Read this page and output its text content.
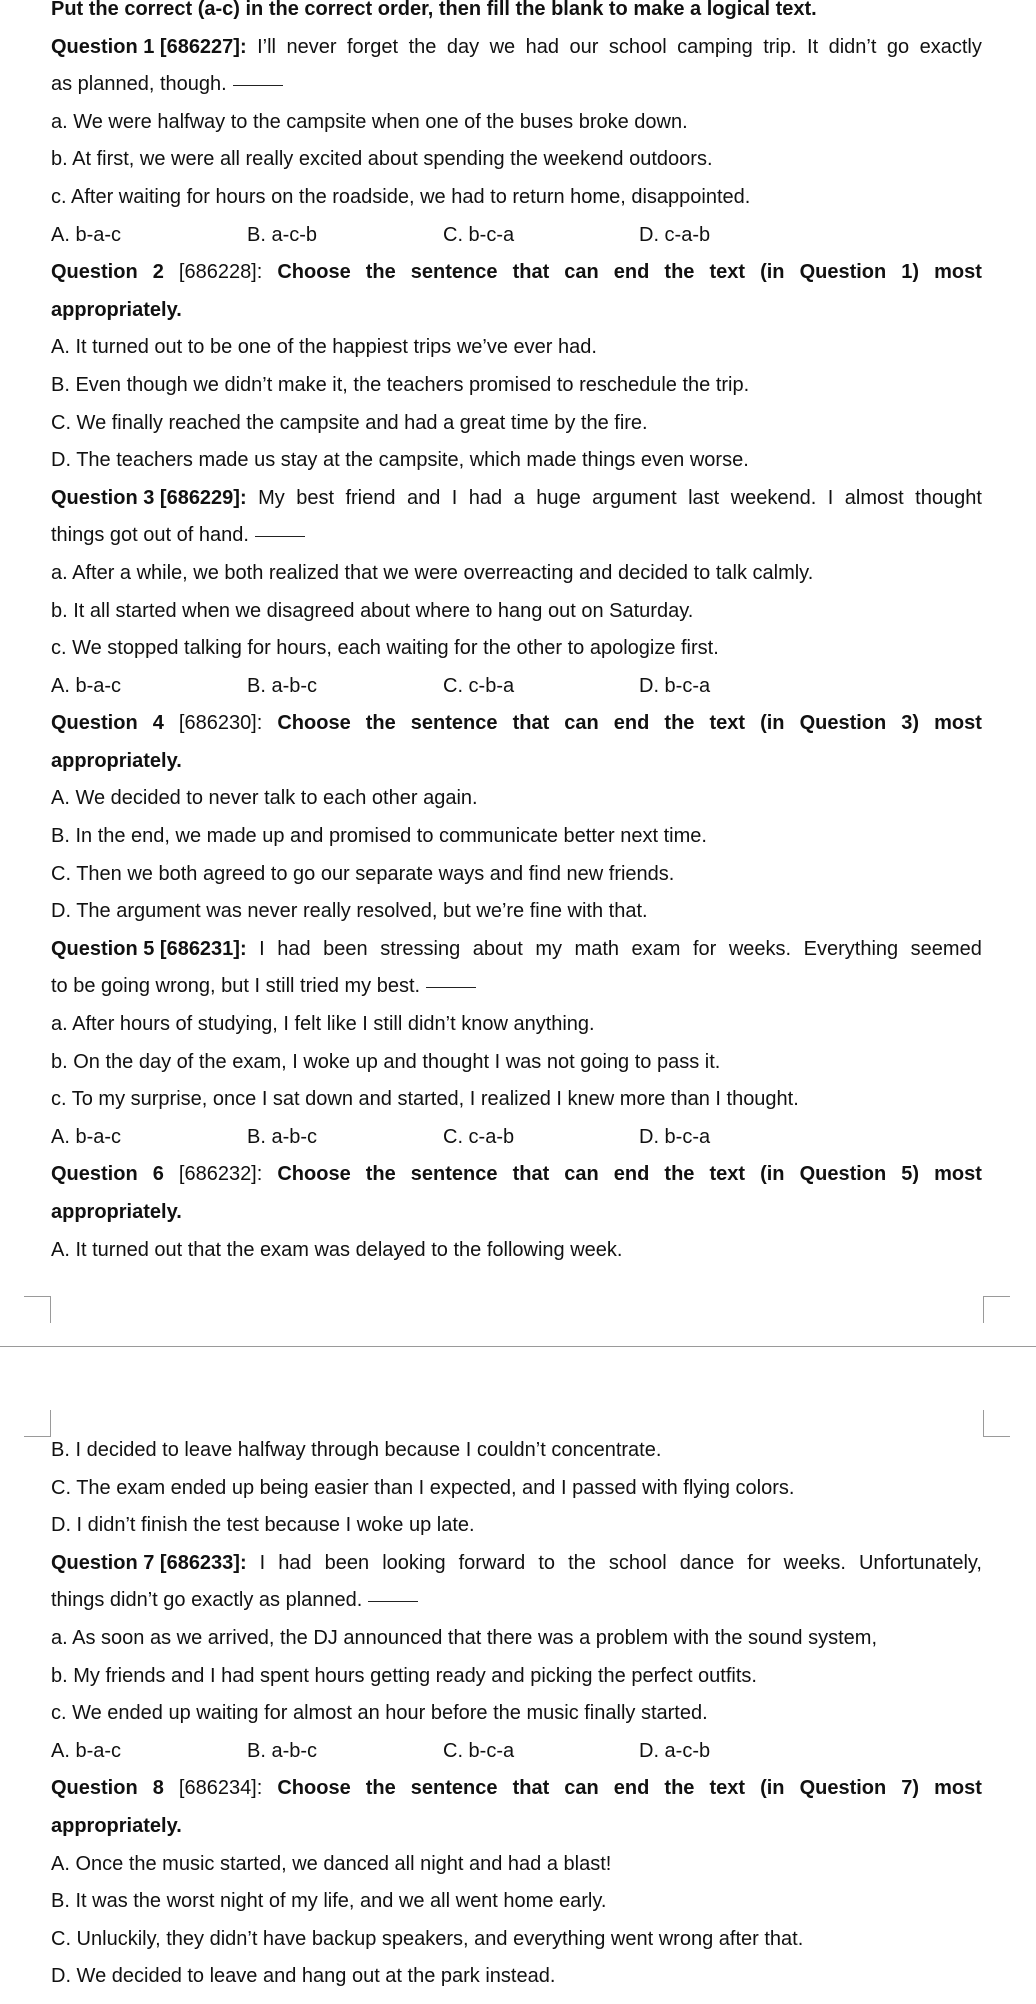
Put the correct (a-c) in the correct order, then fill the blank to make a logical text.
Question 1 [686227]: I’ll never forget the day we had our school camping trip. It didn’t go exactly
as planned, though.
a. We were halfway to the campsite when one of the buses broke down.
b. At first, we were all really excited about spending the weekend outdoors.
c. After waiting for hours on the roadside, we had to return home, disappointed.
A. b-a-c	B. a-c-b	C. b-c-a	D. c-a-b
Question 2 [686228]: Choose the sentence that can end the text (in Question 1) most
appropriately.
A. It turned out to be one of the happiest trips we’ve ever had.
B. Even though we didn’t make it, the teachers promised to reschedule the trip.
C. We finally reached the campsite and had a great time by the fire.
D. The teachers made us stay at the campsite, which made things even worse.
Question 3 [686229]: My best friend and I had a huge argument last weekend. I almost thought
things got out of hand.
a. After a while, we both realized that we were overreacting and decided to talk calmly.
b. It all started when we disagreed about where to hang out on Saturday.
c. We stopped talking for hours, each waiting for the other to apologize first.
A. b-a-c	B. a-b-c	C. c-b-a	D. b-c-a
Question 4 [686230]: Choose the sentence that can end the text (in Question 3) most
appropriately.
A. We decided to never talk to each other again.
B. In the end, we made up and promised to communicate better next time.
C. Then we both agreed to go our separate ways and find new friends.
D. The argument was never really resolved, but we’re fine with that.
Question 5 [686231]: I had been stressing about my math exam for weeks. Everything seemed
to be going wrong, but I still tried my best.
a. After hours of studying, I felt like I still didn’t know anything.
b. On the day of the exam, I woke up and thought I was not going to pass it.
c. To my surprise, once I sat down and started, I realized I knew more than I thought.
A. b-a-c	B. a-b-c	C. c-a-b	D. b-c-a
Question 6 [686232]: Choose the sentence that can end the text (in Question 5) most
appropriately.
A. It turned out that the exam was delayed to the following week.
B. I decided to leave halfway through because I couldn’t concentrate.
C. The exam ended up being easier than I expected, and I passed with flying colors.
D. I didn’t finish the test because I woke up late.
Question 7 [686233]: I had been looking forward to the school dance for weeks. Unfortunately,
things didn’t go exactly as planned.
a. As soon as we arrived, the DJ announced that there was a problem with the sound system,
b. My friends and I had spent hours getting ready and picking the perfect outfits.
c. We ended up waiting for almost an hour before the music finally started.
A. b-a-c	B. a-b-c	C. b-c-a	D. a-c-b
Question 8 [686234]: Choose the sentence that can end the text (in Question 7) most
appropriately.
A. Once the music started, we danced all night and had a blast!
B. It was the worst night of my life, and we all went home early.
C. Unluckily, they didn’t have backup speakers, and everything went wrong after that.
D. We decided to leave and hang out at the park instead.
